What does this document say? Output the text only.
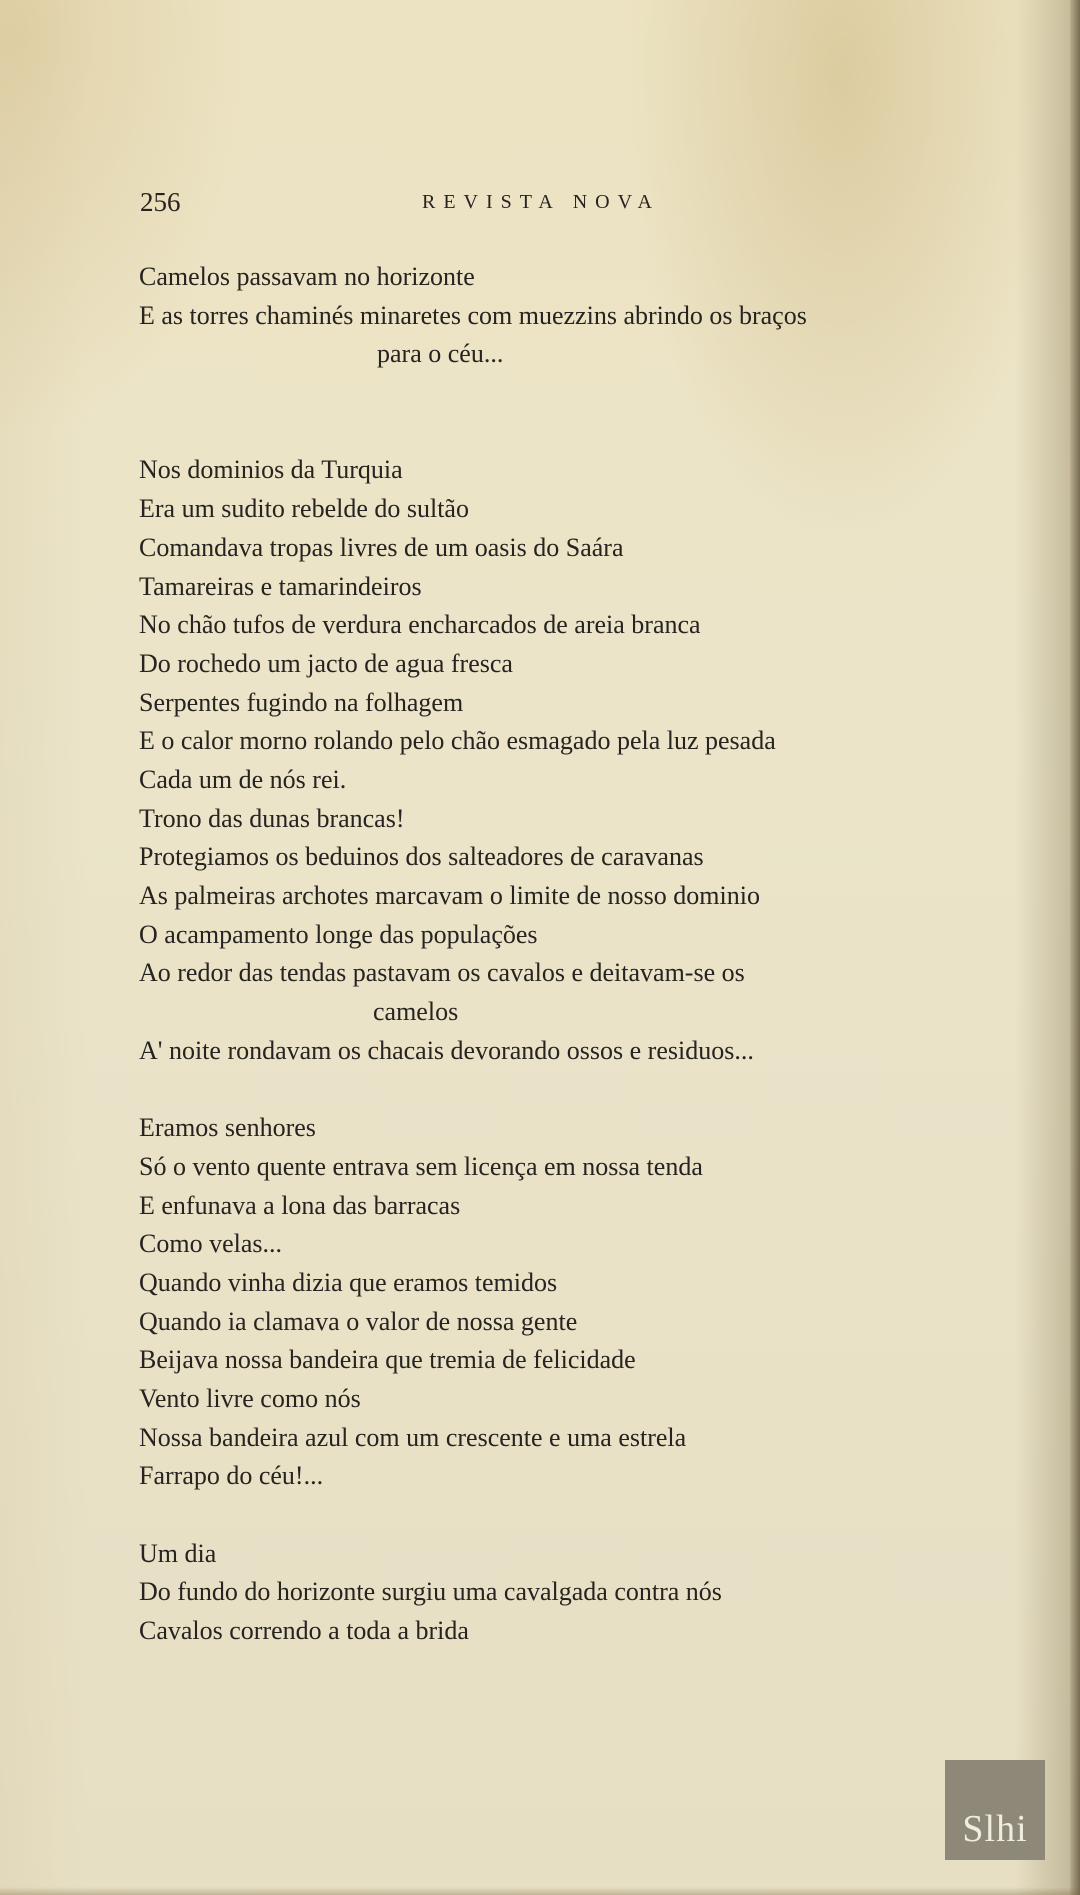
256	REVISTA NOVA
Camelos passavam no horizonte
E as torres chaminés minaretes com muezzins abrindo os braços
para o céu...
Nos dominios da Turquia
Era um sudito rebelde do sultão
Comandava tropas livres de um oasis do Saára
Tamareiras e tamarindeiros
No chão tufos de verdura encharcados de areia branca
Do rochedo um jacto de agua fresca
Serpentes fugindo na folhagem
E o calor morno rolando pelo chão esmagado pela luz pesada
Cada um de nós rei.
Trono das dunas brancas!
Protegiamos os beduinos dos salteadores de caravanas
As palmeiras archotes marcavam o limite de nosso dominio
O acampamento longe das populações
Ao redor das tendas pastavam os cavalos e deitavam-se os
camelos
A' noite rondavam os chacais devorando ossos e residuos...
Eramos senhores
Só o vento quente entrava sem licença em nossa tenda
E enfunava a lona das barracas
Como velas...
Quando vinha dizia que eramos temidos
Quando ia clamava o valor de nossa gente
Beijava nossa bandeira que tremia de felicidade
Vento livre como nós
Nossa bandeira azul com um crescente e uma estrela
Farrapo do céu!...
Um dia
Do fundo do horizonte surgiu uma cavalgada contra nós
Cavalos correndo a toda a brida
Slhi
